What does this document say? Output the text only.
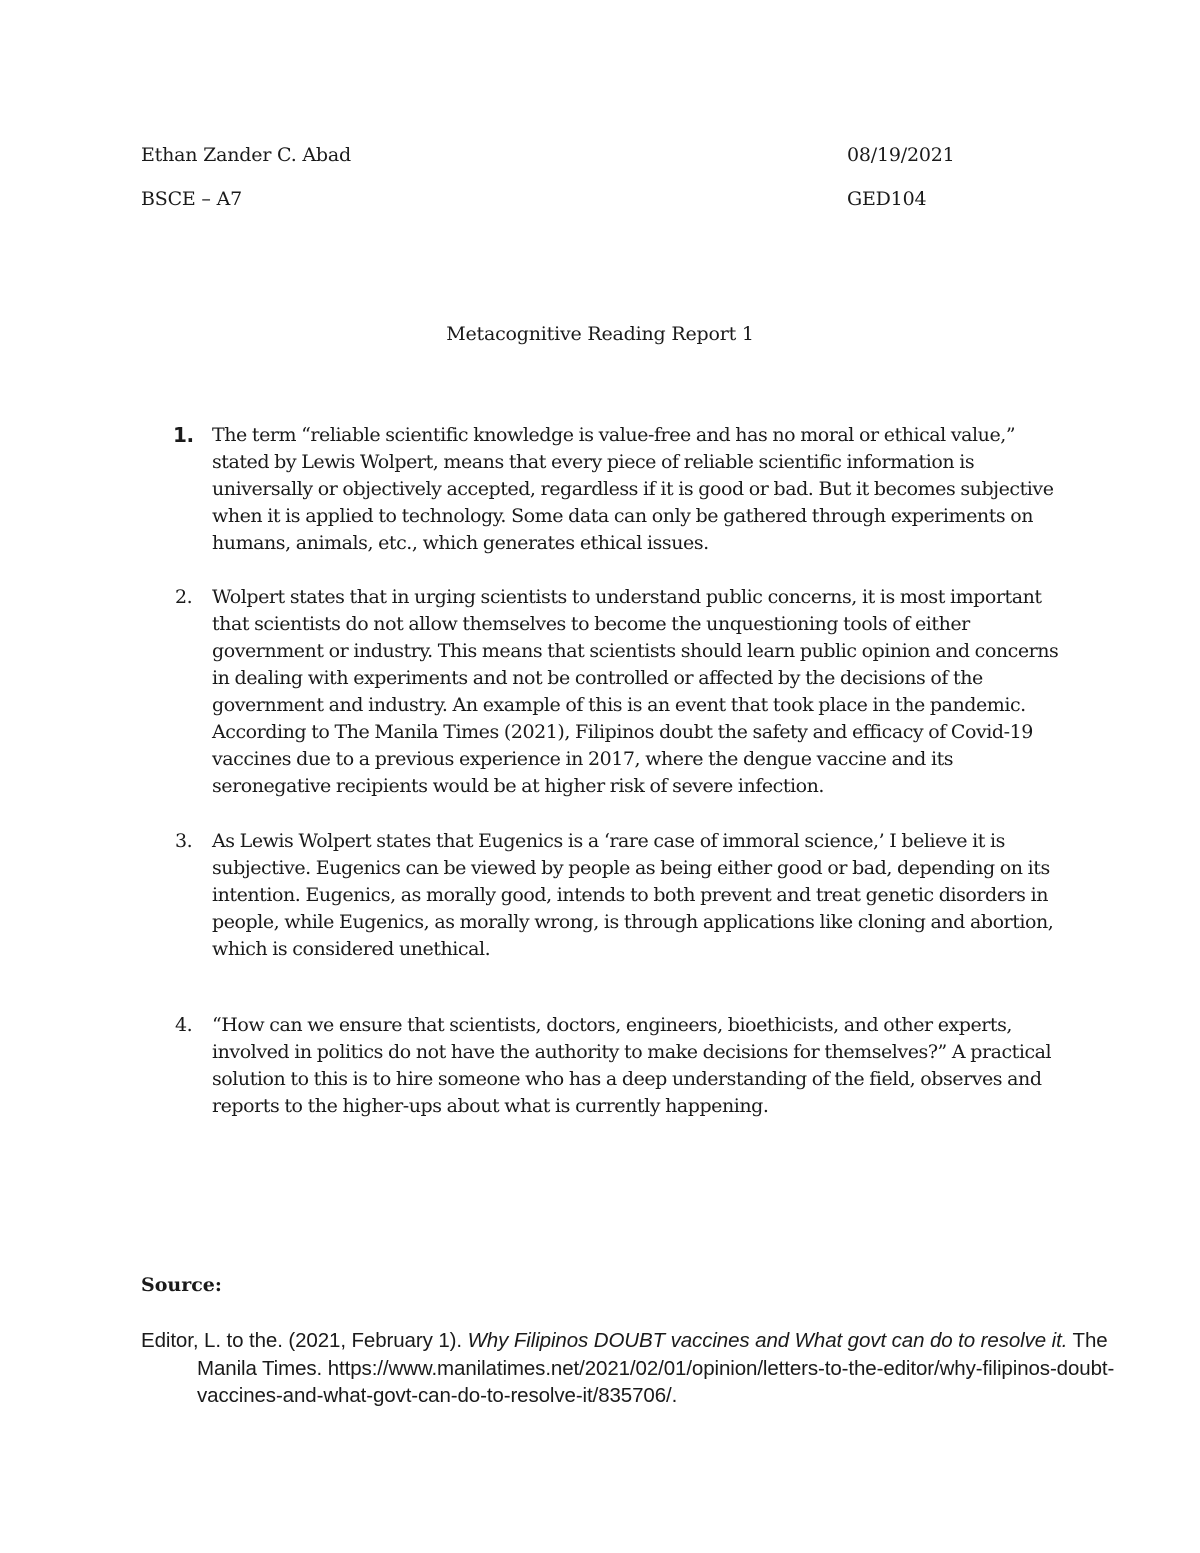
Ethan Zander C. Abad
BSCE – A7
08/19/2021
GED104
Metacognitive Reading Report 1
1. The term “reliable scientific knowledge is value-free and has no moral or ethical value,” stated by Lewis Wolpert, means that every piece of reliable scientific information is universally or objectively accepted, regardless if it is good or bad. But it becomes subjective when it is applied to technology. Some data can only be gathered through experiments on humans, animals, etc., which generates ethical issues.
2. Wolpert states that in urging scientists to understand public concerns, it is most important that scientists do not allow themselves to become the unquestioning tools of either government or industry. This means that scientists should learn public opinion and concerns in dealing with experiments and not be controlled or affected by the decisions of the government and industry. An example of this is an event that took place in the pandemic. According to The Manila Times (2021), Filipinos doubt the safety and efficacy of Covid-19 vaccines due to a previous experience in 2017, where the dengue vaccine and its seronegative recipients would be at higher risk of severe infection.
3. As Lewis Wolpert states that Eugenics is a ‘rare case of immoral science,’ I believe it is subjective. Eugenics can be viewed by people as being either good or bad, depending on its intention. Eugenics, as morally good, intends to both prevent and treat genetic disorders in people, while Eugenics, as morally wrong, is through applications like cloning and abortion, which is considered unethical.
4. “How can we ensure that scientists, doctors, engineers, bioethicists, and other experts, involved in politics do not have the authority to make decisions for themselves?” A practical solution to this is to hire someone who has a deep understanding of the field, observes and reports to the higher-ups about what is currently happening.
Source:
Editor, L. to the. (2021, February 1). Why Filipinos DOUBT vaccines and What govt can do to resolve it. The Manila Times. https://www.manilatimes.net/2021/02/01/opinion/letters-to-the-editor/why-filipinos-doubt-vaccines-and-what-govt-can-do-to-resolve-it/835706/.
